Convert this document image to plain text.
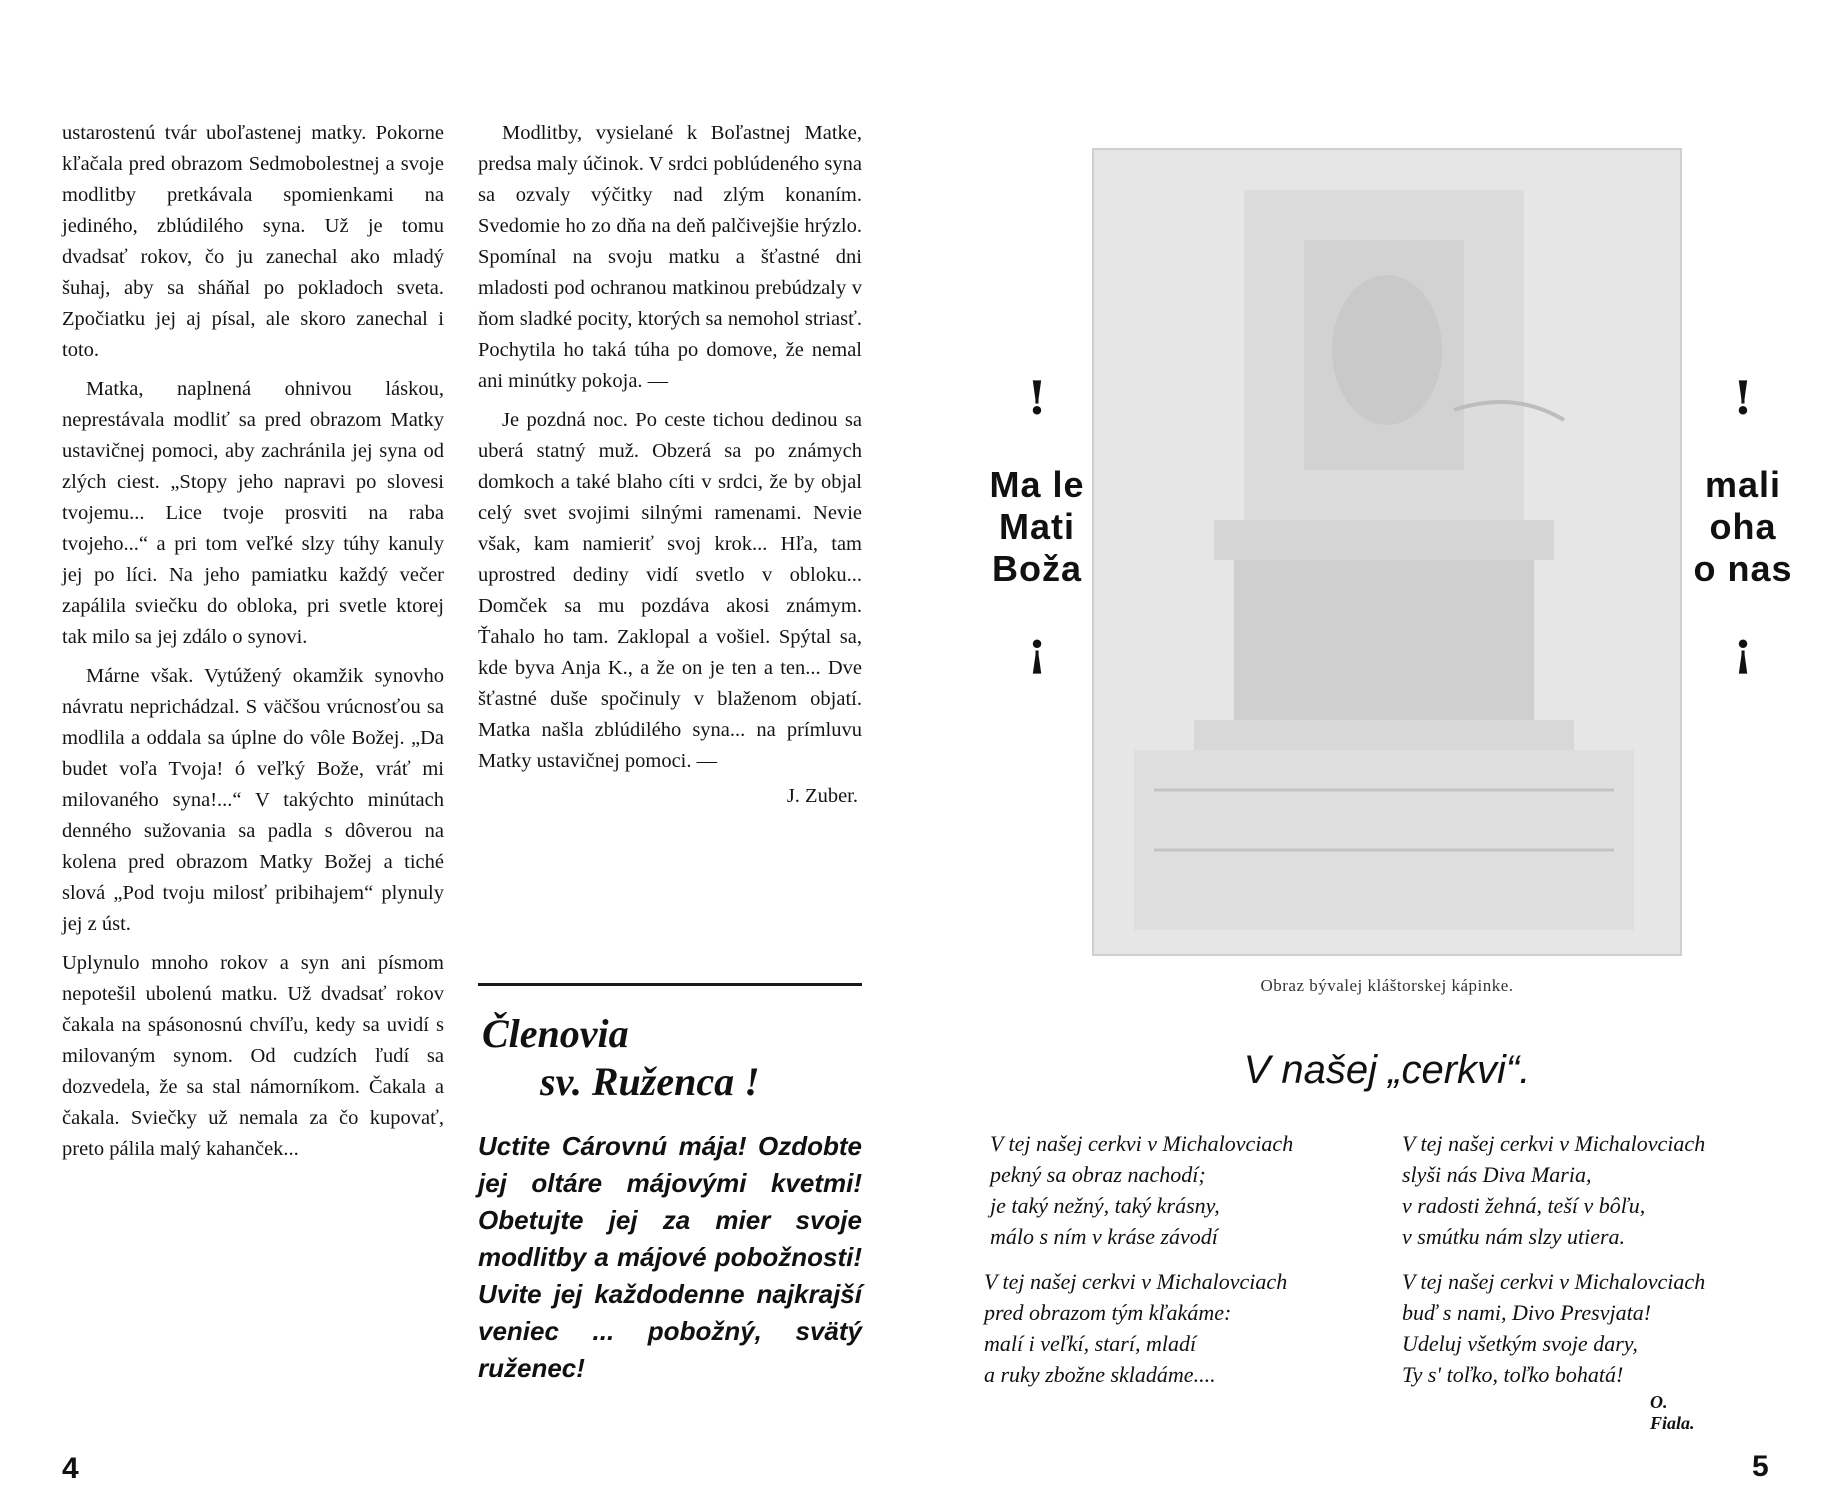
ustarostenú tvár uboľastenej matky. Pokorne kľačala pred obrazom Sedmobolestnej a svoje modlitby pretkávala spomienkami na jediného, zblúdilého syna. Už je tomu dvadsať rokov, čo ju zanechal ako mladý šuhaj, aby sa sháňal po pokladoch sveta. Zpočiatku jej aj písal, ale skoro zanechal i toto.

Matka, naplnená ohnivou láskou, neprestávala modliť sa pred obrazom Matky ustavičnej pomoci, aby zachránila jej syna od zlých ciest. „Stopy jeho napravi po slovesi tvojemu... Lice tvoje prosviti na raba tvojeho...“ a pri tom veľké slzy túhy kanuly jej po líci. Na jeho pamiatku každý večer zapálila sviečku do obloka, pri svetle ktorej tak milo sa jej zdálo o synovi.

Márne však. Vytúžený okamžik synovho návratu neprichádzal. S väčšou vrúcnosťou sa modlila a oddala sa úplne do vôle Božej. „Da budet voľa Tvoja! ó veľký Bože, vráť mi milovaného syna!...“ V takýchto minútach denného sužovania sa padla s dôverou na kolena pred obrazom Matky Božej a tiché slová „Pod tvoju milosť pribihajem“ plynuly jej z úst.

Uplynulo mnoho rokov a syn ani písmom nepotešil ubolenú matku. Už dvadsať rokov čakala na spásonosnú chvíľu, kedy sa uvidí s milovaným synom. Od cudzích ľudí sa dozvedela, že sa stal námorníkom. Čakala a čakala. Sviečky už nemala za čo kupovať, preto pálila malý kahanček...

Modlitby, vysielané k Boľastnej Matke, predsa maly účinok. V srdci poblúdeného syna sa ozvaly výčitky nad zlým konaním. Svedomie ho zo dňa na deň palčivejšie hrýzlo. Spomínal na svoju matku a šťastné dni mladosti pod ochranou matkinou prebúdzaly v ňom sladké pocity, ktorých sa nemohol striasť. Pochytila ho taká túha po domove, že nemal ani minútky pokoja. —

Je pozdná noc. Po ceste tichou dedinou sa uberá statný muž. Obzerá sa po známych domkoch a také blaho cíti v srdci, že by objal celý svet svojimi silnými ramenami. Nevie však, kam namieriť svoj krok... Hľa, tam uprostred dediny vidí svetlo v obloku... Domček sa mu pozdáva akosi známym. Ťahalo ho tam. Zaklopal a vošiel. Spýtal sa, kde byva Anja K., a že on je ten a ten... Dve šťastné duše spočinuly v blaženom objatí. Matka našla zblúdilého syna... na prímluvu Matky ustavičnej pomoci. —

J. Zuber.

Členovia
sv. Ruženca !
Uctite Cárovnú mája! Ozdobte jej oltáre májovými kvetmi! Obetujte jej za mier svoje modlitby a májové pobožnosti! Uvite jej každodenne najkrajší veniec ... pobožný, svätý ruženec!
4
!
Ma le
Mati
Boža
!
Obraz bývalej kláštorskej kápinke.
!
mali
oha
o nas
!
V našej „cerkvi“.
V tej našej cerkvi v Michalovciach
pekný sa obraz nachodí;
je taký nežný, taký krásny,
málo s ním v kráse závodí
V tej našej cerkvi v Michalovciach
slyši nás Diva Maria,
v radosti žehná, teší v bôľu,
v smútku nám slzy utiera.
V tej našej cerkvi v Michalovciach
pred obrazom tým kľakáme:
malí i veľkí, starí, mladí
a ruky zbožne skladáme....
V tej našej cerkvi v Michalovciach
buď s nami, Divo Presvjata!
Udeluj všetkým svoje dary,
Ty s' toľko, toľko bohatá!
O. Fiala.
5
